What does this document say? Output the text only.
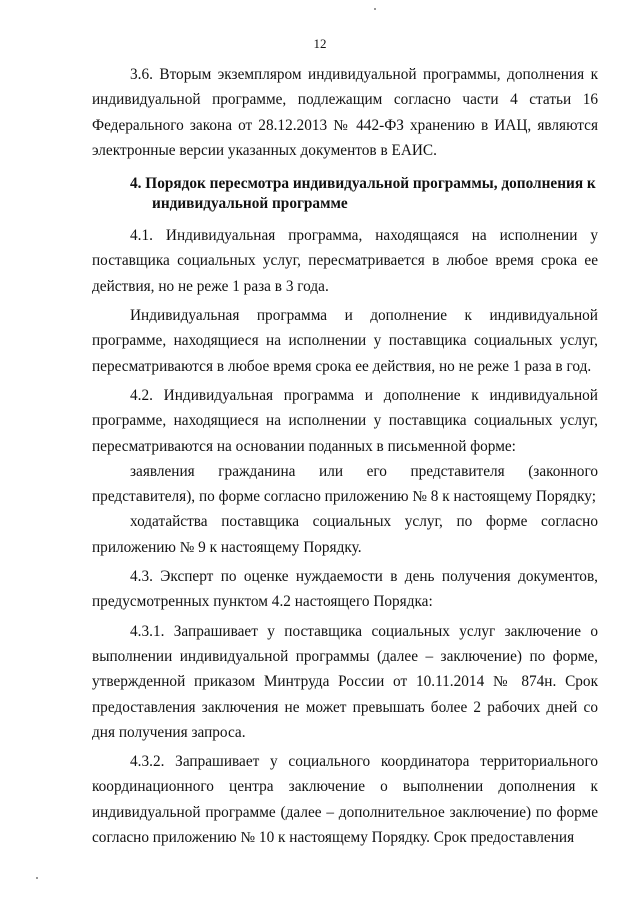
12

3.6. Вторым экземпляром индивидуальной программы, дополнения к индивидуальной программе, подлежащим согласно части 4 статьи 16 Федерального закона от 28.12.2013 № 442-ФЗ хранению в ИАЦ, являются электронные версии указанных документов в ЕАИС.

4. Порядок пересмотра индивидуальной программы, дополнения к индивидуальной программе

4.1. Индивидуальная программа, находящаяся на исполнении у поставщика социальных услуг, пересматривается в любое время срока ее действия, но не реже 1 раза в 3 года.

Индивидуальная программа и дополнение к индивидуальной программе, находящиеся на исполнении у поставщика социальных услуг, пересматриваются в любое время срока ее действия, но не реже 1 раза в год.

4.2. Индивидуальная программа и дополнение к индивидуальной программе, находящиеся на исполнении у поставщика социальных услуг, пересматриваются на основании поданных в письменной форме:

заявления гражданина или его представителя (законного представителя), по форме согласно приложению № 8 к настоящему Порядку;

ходатайства поставщика социальных услуг, по форме согласно приложению № 9 к настоящему Порядку.

4.3. Эксперт по оценке нуждаемости в день получения документов, предусмотренных пунктом 4.2 настоящего Порядка:

4.3.1. Запрашивает у поставщика социальных услуг заключение о выполнении индивидуальной программы (далее – заключение) по форме, утвержденной приказом Минтруда России от 10.11.2014 № 874н. Срок предоставления заключения не может превышать более 2 рабочих дней со дня получения запроса.

4.3.2. Запрашивает у социального координатора территориального координационного центра заключение о выполнении дополнения к индивидуальной программе (далее – дополнительное заключение) по форме согласно приложению № 10 к настоящему Порядку. Срок предоставления
